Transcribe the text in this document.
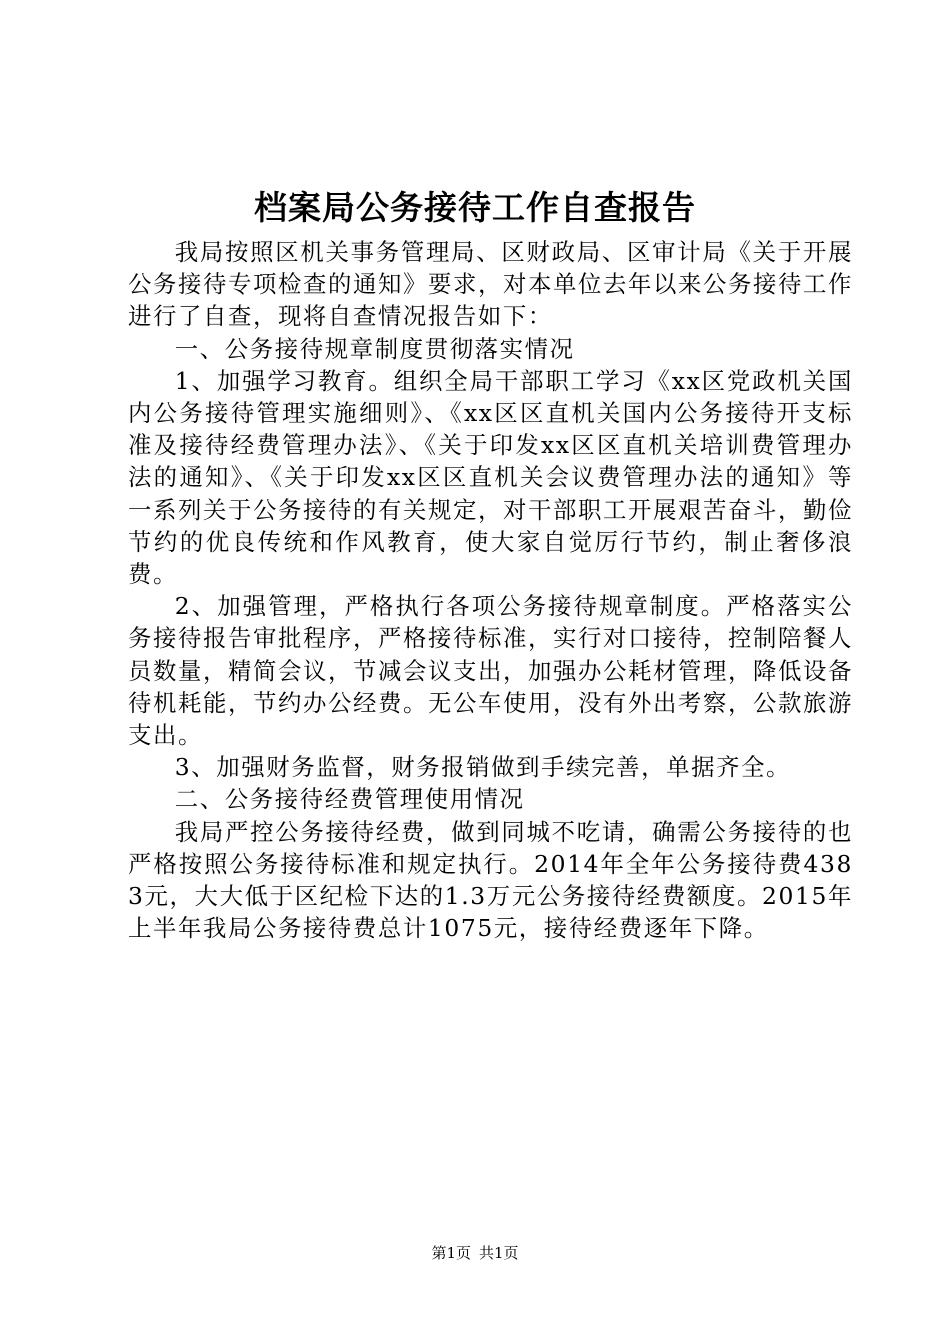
档案局公务接待工作自查报告

我局按照区机关事务管理局、区财政局、区审计局《关于开展公务接待专项检查的通知》要求，对本单位去年以来公务接待工作进行了自查，现将自查情况报告如下：

一、公务接待规章制度贯彻落实情况

1、加强学习教育。组织全局干部职工学习《xx区党政机关国内公务接待管理实施细则》、《xx区区直机关国内公务接待开支标准及接待经费管理办法》、《关于印发xx区区直机关培训费管理办法的通知》、《关于印发xx区区直机关会议费管理办法的通知》等一系列关于公务接待的有关规定，对干部职工开展艰苦奋斗，勤俭节约的优良传统和作风教育，使大家自觉厉行节约，制止奢侈浪费。

2、加强管理，严格执行各项公务接待规章制度。严格落实公务接待报告审批程序，严格接待标准，实行对口接待，控制陪餐人员数量，精简会议，节减会议支出，加强办公耗材管理，降低设备待机耗能，节约办公经费。无公车使用，没有外出考察，公款旅游支出。

3、加强财务监督，财务报销做到手续完善，单据齐全。

二、公务接待经费管理使用情况

我局严控公务接待经费，做到同城不吃请，确需公务接待的也严格按照公务接待标准和规定执行。2014年全年公务接待费4383元，大大低于区纪检下达的1.3万元公务接待经费额度。2015年上半年我局公务接待费总计1075元，接待经费逐年下降。

第1页 共1页
